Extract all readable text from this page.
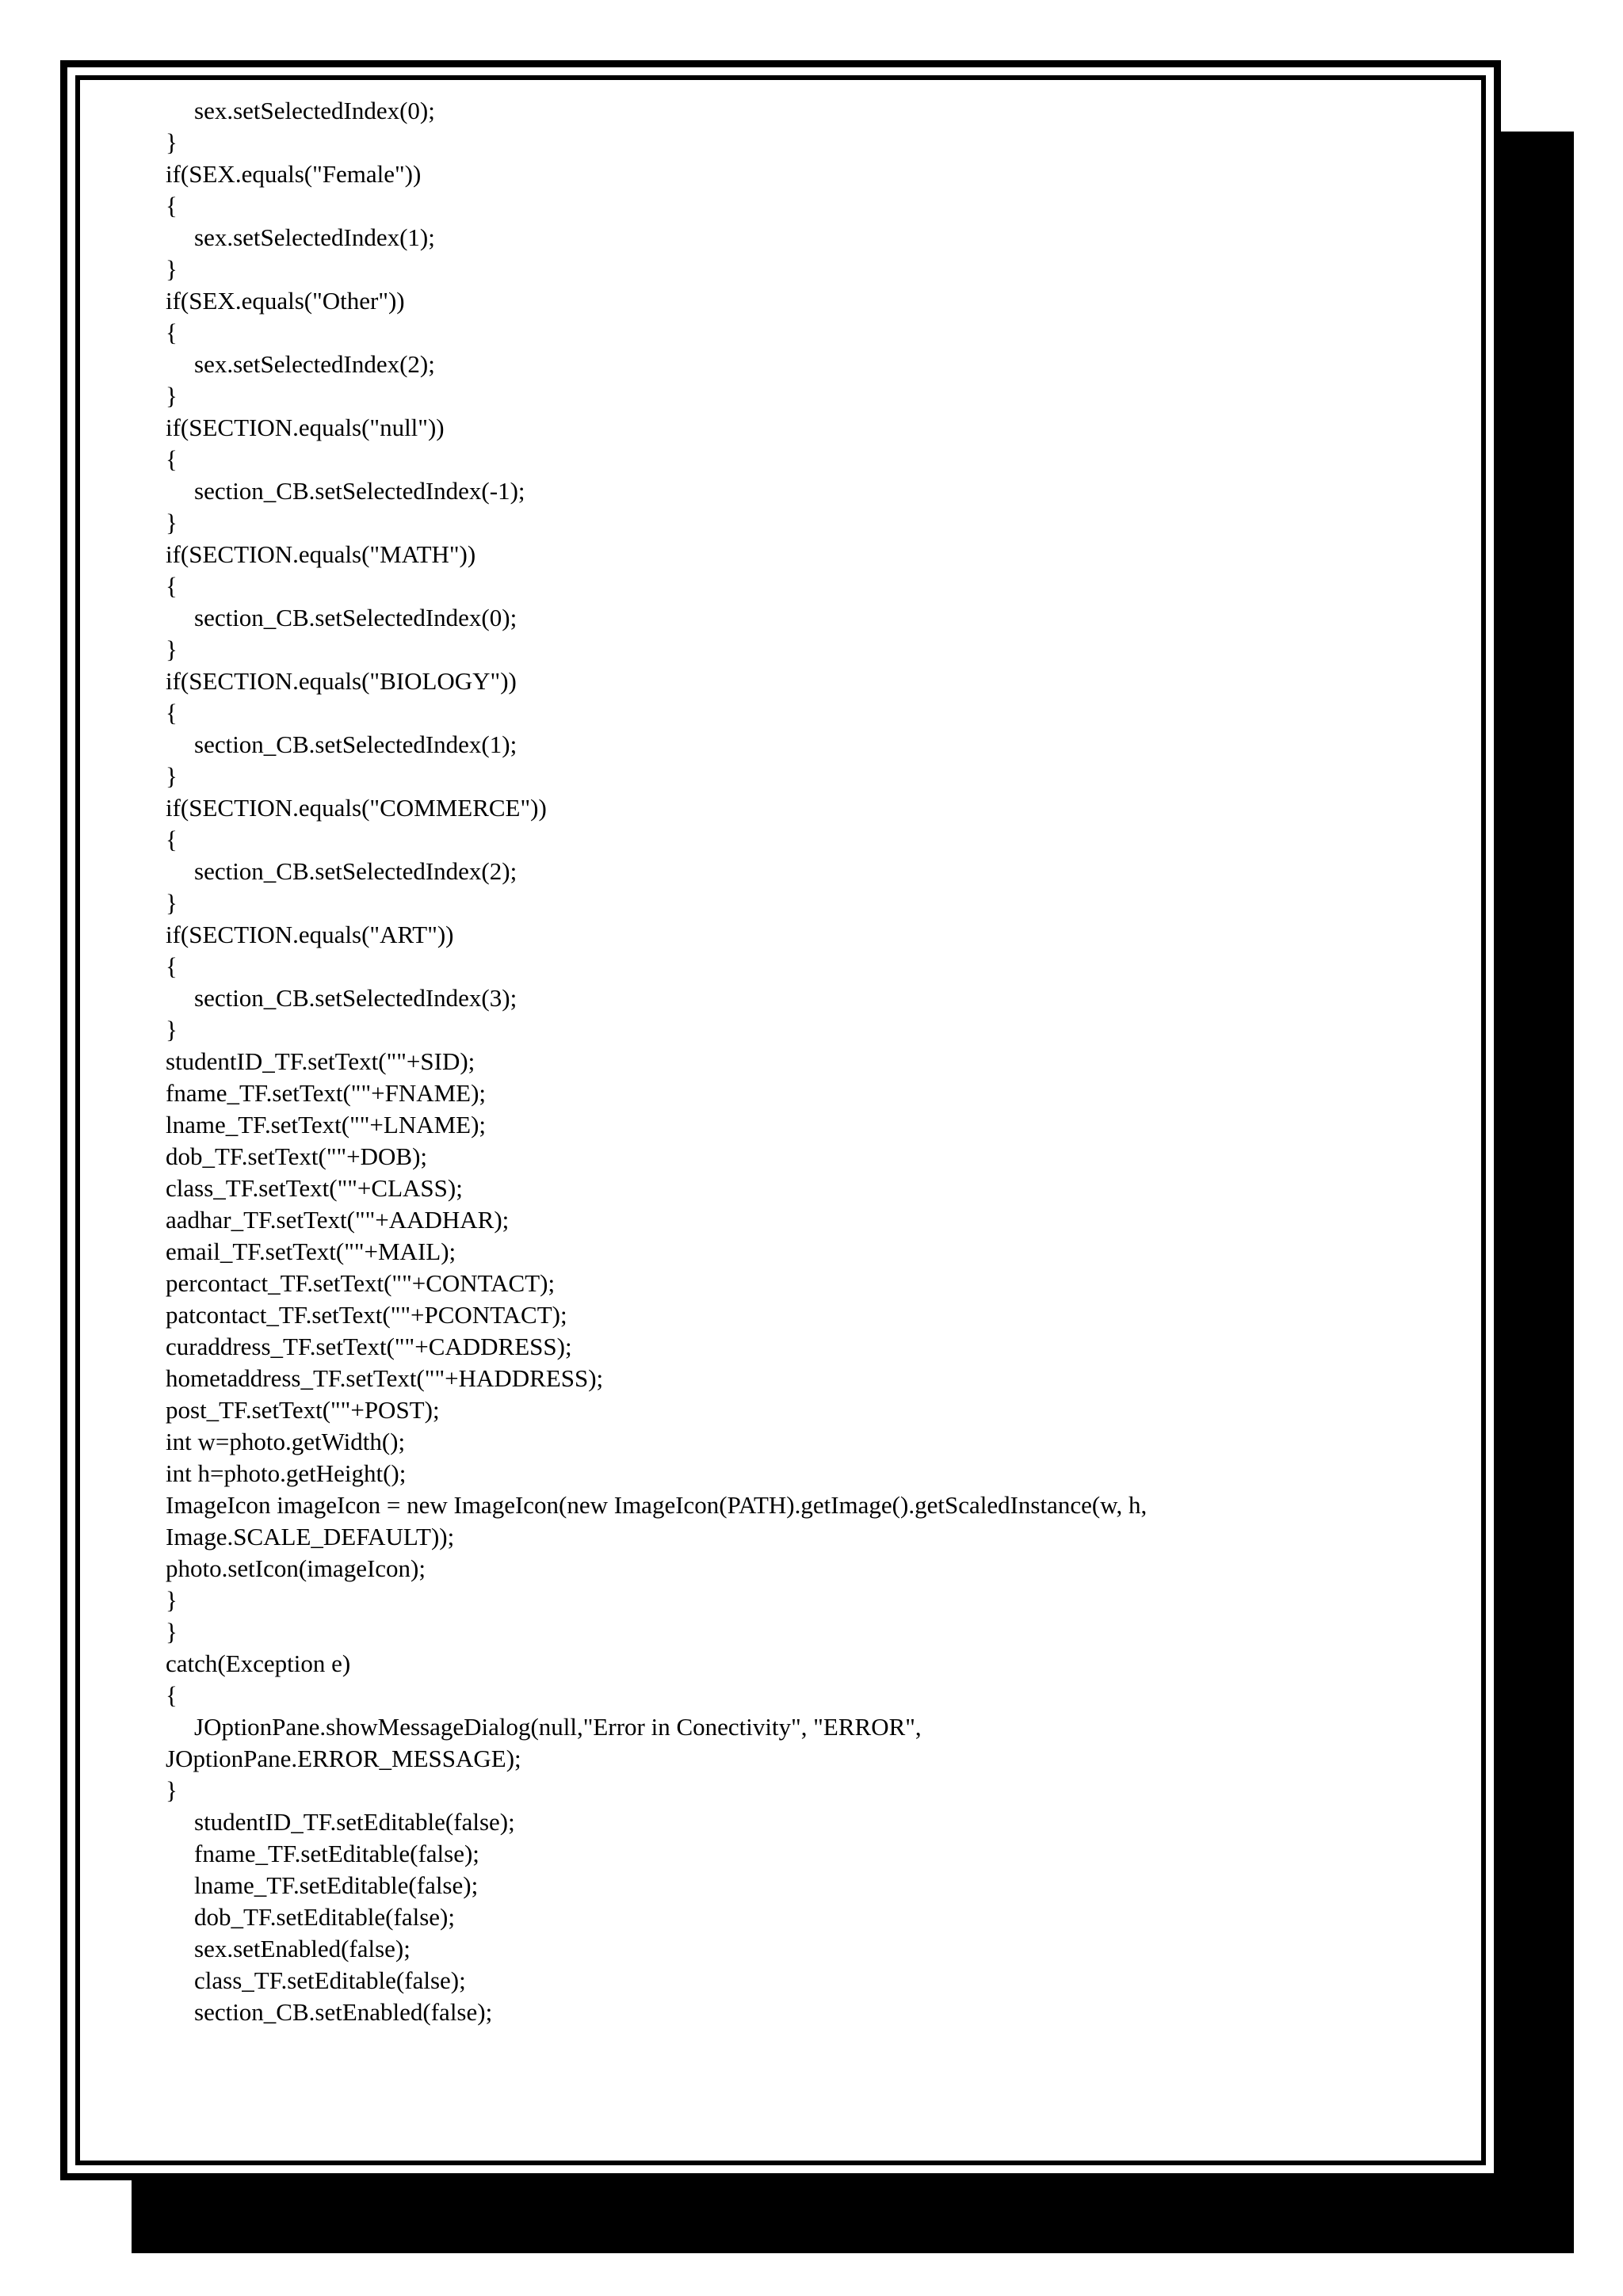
sex.setSelectedIndex(0);
}
if(SEX.equals("Female"))
{
sex.setSelectedIndex(1);
}
if(SEX.equals("Other"))
{
sex.setSelectedIndex(2);
}
if(SECTION.equals("null"))
{
section_CB.setSelectedIndex(-1);
}
if(SECTION.equals("MATH"))
{
section_CB.setSelectedIndex(0);
}
if(SECTION.equals("BIOLOGY"))
{
section_CB.setSelectedIndex(1);
}
if(SECTION.equals("COMMERCE"))
{
section_CB.setSelectedIndex(2);
}
if(SECTION.equals("ART"))
{
section_CB.setSelectedIndex(3);
}
studentID_TF.setText(""+SID);
fname_TF.setText(""+FNAME);
lname_TF.setText(""+LNAME);
dob_TF.setText(""+DOB);
class_TF.setText(""+CLASS);
aadhar_TF.setText(""+AADHAR);
email_TF.setText(""+MAIL);
percontact_TF.setText(""+CONTACT);
patcontact_TF.setText(""+PCONTACT);
curaddress_TF.setText(""+CADDRESS);
hometaddress_TF.setText(""+HADDRESS);
post_TF.setText(""+POST);
int w=photo.getWidth();
int h=photo.getHeight();
ImageIcon imageIcon = new ImageIcon(new ImageIcon(PATH).getImage().getScaledInstance(w, h,
Image.SCALE_DEFAULT));
photo.setIcon(imageIcon);
}
}
catch(Exception e)
{
JOptionPane.showMessageDialog(null,"Error in Conectivity", "ERROR",
JOptionPane.ERROR_MESSAGE);
}
studentID_TF.setEditable(false);
fname_TF.setEditable(false);
lname_TF.setEditable(false);
dob_TF.setEditable(false);
sex.setEnabled(false);
class_TF.setEditable(false);
section_CB.setEnabled(false);
